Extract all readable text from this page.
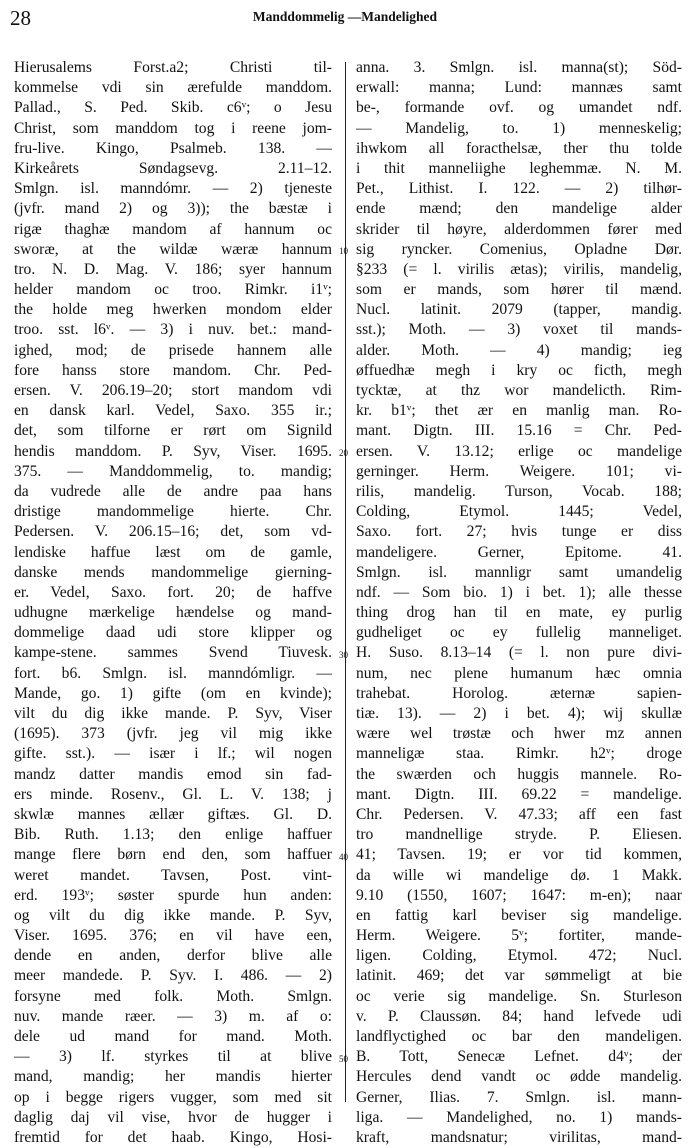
28	Manddommelig —Mandelighed
Hierusalems Forst.a2; Christi til-
kommelse vdi sin ærefulde manddom.
Pallad., S. Ped. Skib. c6ᵛ; o Jesu
Christ, som manddom tog i reene jom-
fru-live. Kingo, Psalmeb. 138. —
Kirkeårets Søndagsevg. 2.11–12.
Smlgn. isl. manndómr. — 2) tjeneste
(jvfr. mand 2) og 3)); the bæstæ i
rigæ thaghæ mandom af hannum oc
sworæ, at the wildæ wæræ hannum
tro. N. D. Mag. V. 186; syer hannum
helder mandom oc troo. Rimkr. i1ᵛ;
the holde meg hwerken mondom elder
troo. sst. l6ᵛ. — 3) i nuv. bet.: mand-
ighed, mod; de prisede hannem alle
fore hanss store mandom. Chr. Ped-
ersen. V. 206.19–20; stort mandom vdi
en dansk karl. Vedel, Saxo. 355 ir.;
det, som tilforne er rørt om Signild
hendis manddom. P. Syv, Viser. 1695.
375. — Manddommelig, to. mandig;
da vudrede alle de andre paa hans
dristige mandommelige hierte. Chr.
Pedersen. V. 206.15–16; det, som vd-
lendiske haffue læst om de gamle,
danske mends mandommelige gierning-
er. Vedel, Saxo. fort. 20; de haffve
udhugne mærkelige hændelse og mand-
dommelige daad udi store klipper og
kampe-stene. sammes Svend Tiuvesk.
fort. b6. Smlgn. isl. manndómligr. —
Mande, go. 1) gifte (om en kvinde);
vilt du dig ikke mande. P. Syv, Viser
(1695). 373 (jvfr. jeg vil mig ikke
gifte. sst.). — især i lf.; wil nogen
mandz datter mandis emod sin fad-
ers minde. Rosenv., Gl. L. V. 138; j
skwlæ mannes ællær giftæs. Gl. D.
Bib. Ruth. 1.13; den enlige haffuer
mange flere børn end den, som haffuer
weret mandet. Tavsen, Post. vint-
erd. 193ᵛ; søster spurde hun anden:
og vilt du dig ikke mande. P. Syv,
Viser. 1695. 376; en vil have een,
dende en anden, derfor blive alle
meer mandede. P. Syv. I. 486. — 2)
forsyne med folk. Moth. Smlgn.
nuv. mande ræer. — 3) m. af o:
dele ud mand for mand. Moth.
— 3) lf. styrkes til at blive
mand, mandig; her mandis hierter
op i begge rigers vugger, som med sit
daglig daj vil vise, hvor de hugger i
fremtid for det haab. Kingo, Hosi-
anna. 3. Smlgn. isl. manna(st); Söd-
erwall: manna; Lund: mannæs samt
be-, formande ovf. og umandet ndf.
— Mandelig, to. 1) menneskelig;
ihwkom all foracthelsæ, ther thu tolde
i thit manneliighe leghemmæ. N. M.
Pet., Lithist. I. 122. — 2) tilhør-
ende mænd; den mandelige alder
skrider til høyre, alderdommen fører med
sig ryncker. Comenius, Opladne Dør.
§233 (= l. virilis ætas); virilis, mandelig,
som er mands, som hører til mænd.
Nucl. latinit. 2079 (tapper, mandig.
sst.); Moth. — 3) voxet til mands-
alder. Moth. — 4) mandig; ieg
øffuedhæ megh i kry oc ficth, megh
tycktæ, at thz wor mandelicth. Rim-
kr. b1ᵛ; thet ær en manlig man. Ro-
mant. Digtn. III. 15.16 = Chr. Ped-
ersen. V. 13.12; erlige oc mandelige
gerninger. Herm. Weigere. 101; vi-
rilis, mandelig. Turson, Vocab. 188;
Colding, Etymol. 1445; Vedel,
Saxo. fort. 27; hvis tunge er diss
mandeligere. Gerner, Epitome. 41.
Smlgn. isl. mannligr samt umandelig
ndf. — Som bio. 1) i bet. 1); alle thesse
thing drog han til en mate, ey purlig
gudheliget oc ey fullelig manneliget.
H. Suso. 8.13–14 (= l. non pure divi-
num, nec plene humanum hæc omnia
trahebat. Horolog. æternæ sapien-
tiæ. 13). — 2) i bet. 4); wij skullæ
wære wel trøstæ och hwer mz annen
manneligæ staa. Rimkr. h2ᵛ; droge
the swærden och huggis mannele. Ro-
mant. Digtn. III. 69.22 = mandelige.
Chr. Pedersen. V. 47.33; aff een fast
tro mandnellige stryde. P. Eliesen.
41; Tavsen. 19; er vor tid kommen,
da wille wi mandelige dø. 1 Makk.
9.10 (1550, 1607; 1647: m-en); naar
en fattig karl beviser sig mandelige.
Herm. Weigere. 5ᵛ; fortiter, mande-
ligen. Colding, Etymol. 472; Nucl.
latinit. 469; det var sømmeligt at bie
oc verie sig mandelige. Sn. Sturleson
v. P. Claussøn. 84; hand lefvede udi
landflyctighed oc bar den mandeligen.
B. Tott, Senecæ Lefnet. d4ᵛ; der
Hercules dend vandt oc ødde mandelig.
Gerner, Ilias. 7. Smlgn. isl. mann-
liga. — Mandelighed, no. 1) mands-
kraft, mandsnatur; virilitas, mand-
10
20
30
40
50
